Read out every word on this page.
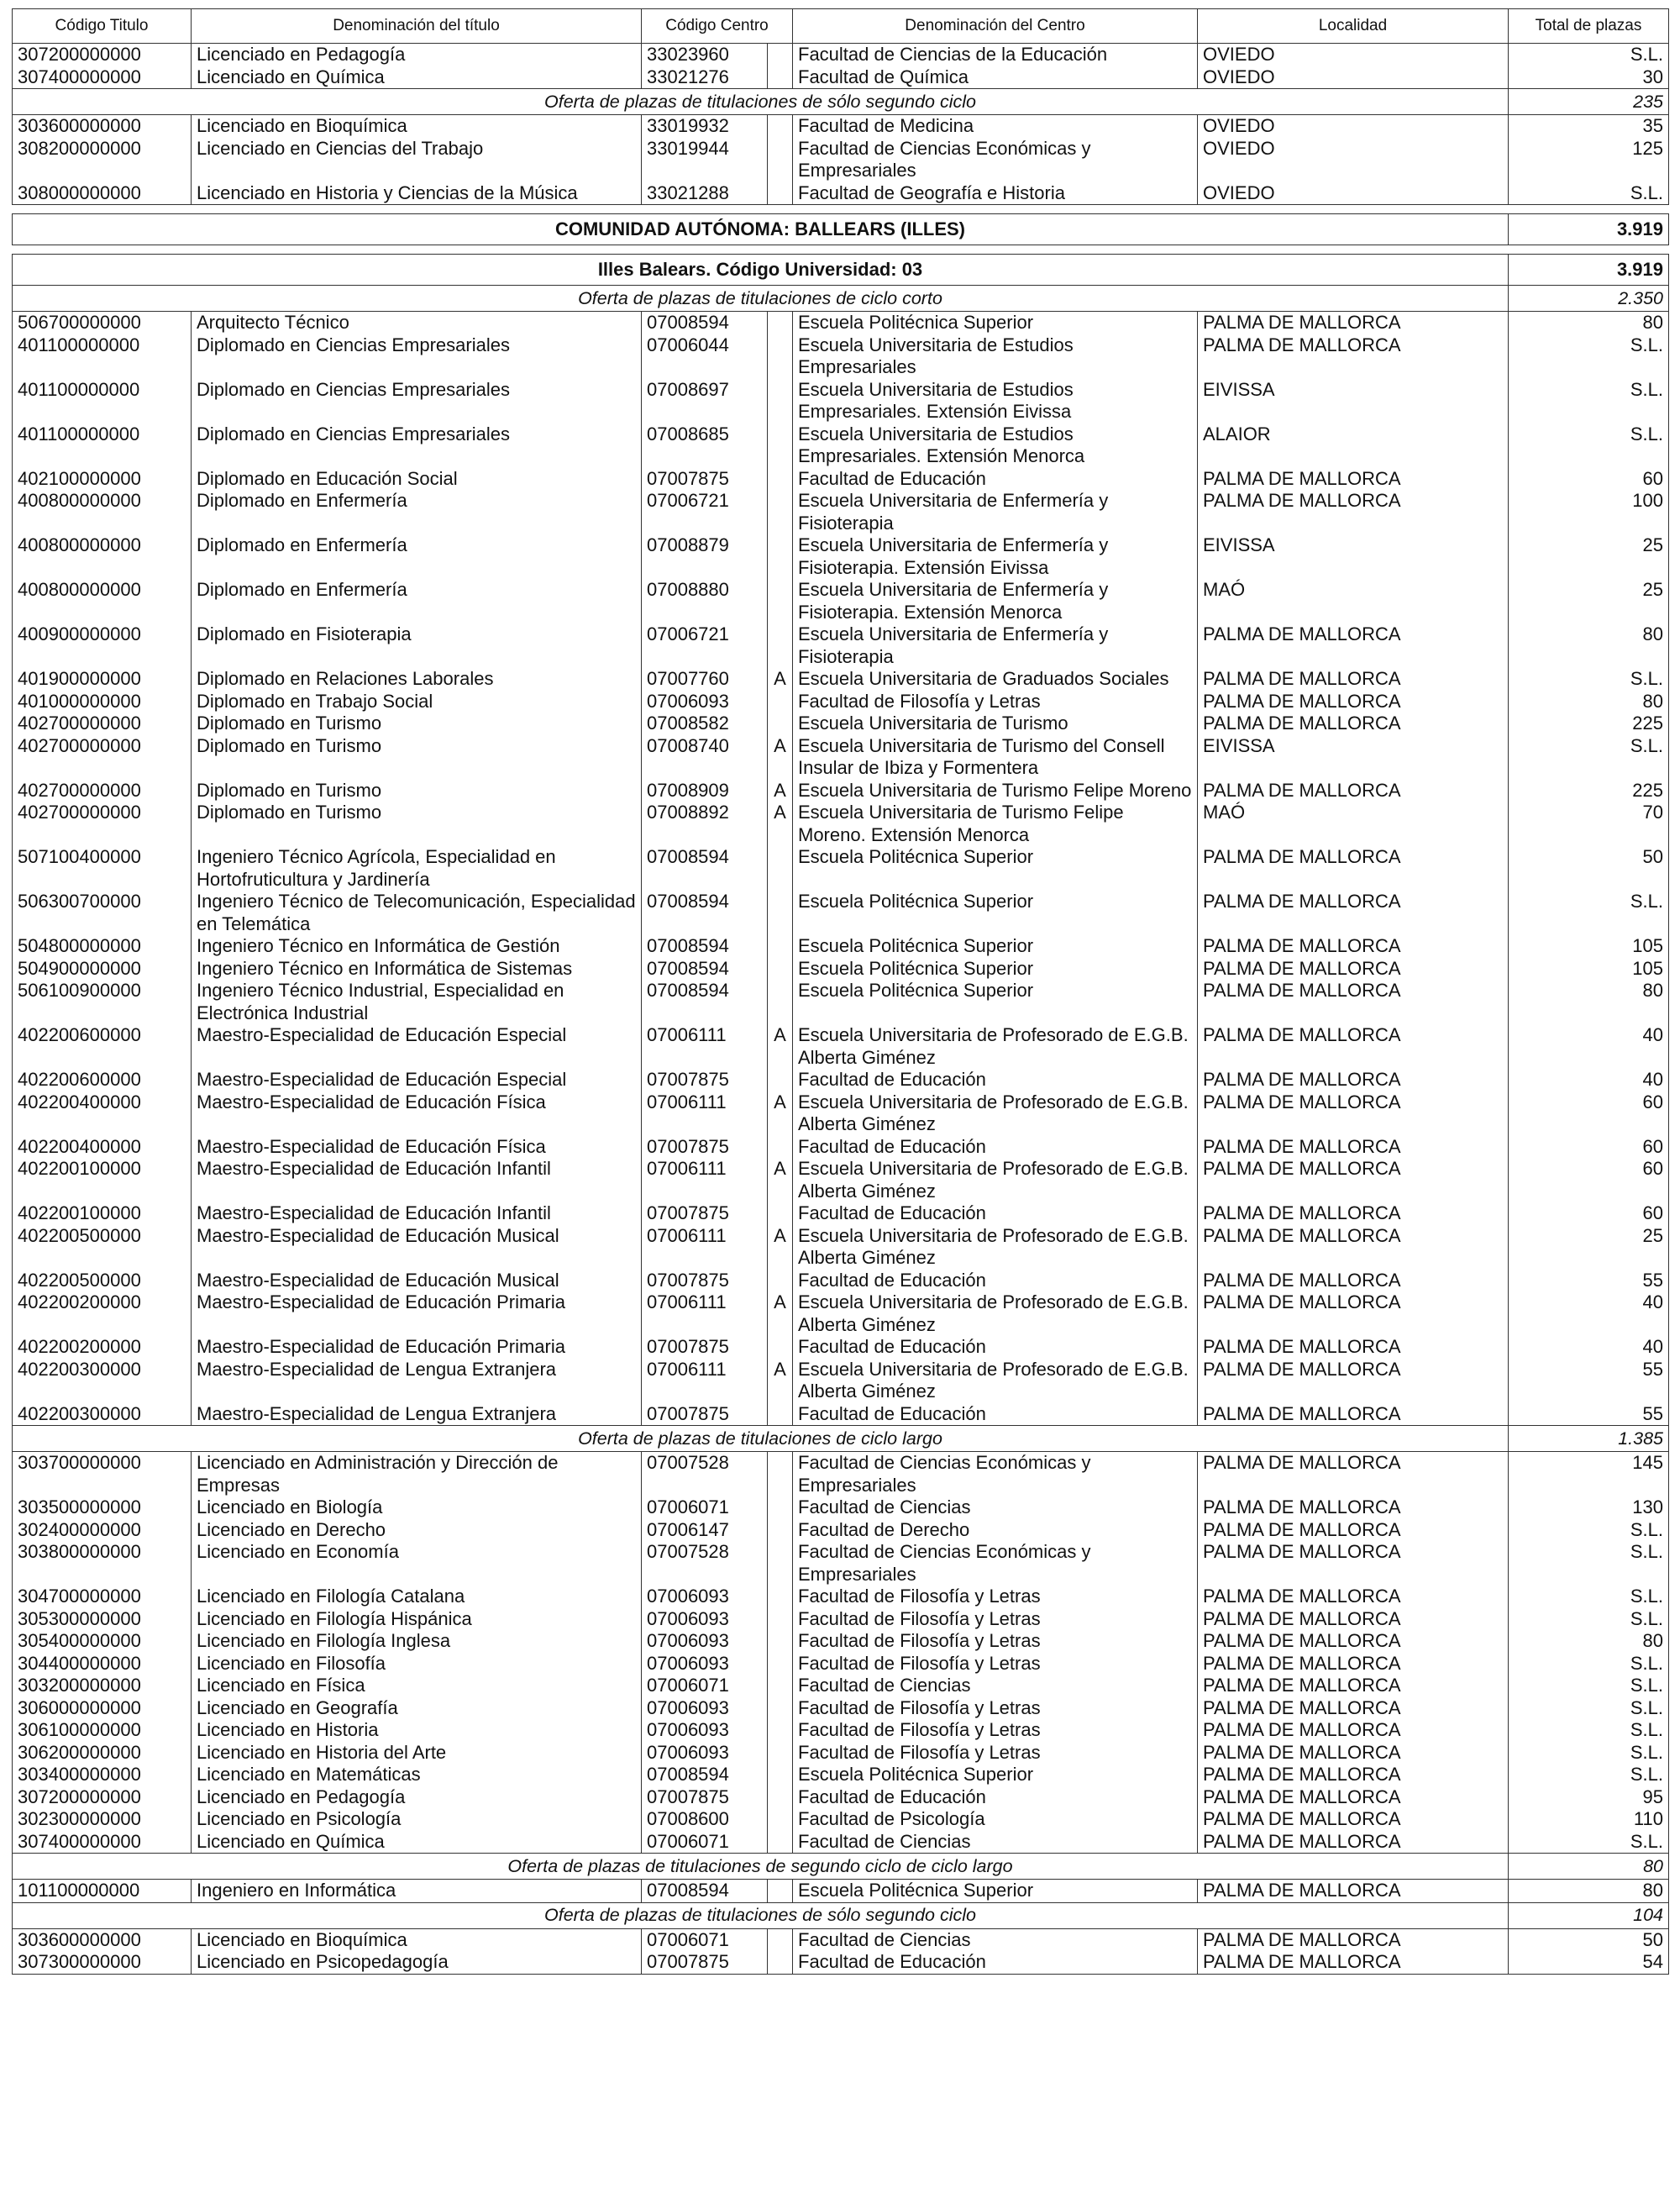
Código Titulo	Denominación del título	Código Centro		Denominación del Centro	Localidad	Total de plazas
307200000000	Licenciado en Pedagogía	33023960		Facultad de Ciencias de la Educación	OVIEDO	S.L.
307400000000	Licenciado en Química	33021276		Facultad de Química	OVIEDO	30
Oferta de plazas de titulaciones de sólo segundo ciclo						235
303600000000	Licenciado en Bioquímica	33019932		Facultad de Medicina	OVIEDO	35
308200000000	Licenciado en Ciencias del Trabajo	33019944		Facultad de Ciencias Económicas y Empresariales	OVIEDO	125
308000000000	Licenciado en Historia y Ciencias de la Música	33021288		Facultad de Geografía e Historia	OVIEDO	S.L.

COMUNIDAD AUTÓNOMA: BALLEARS (ILLES)						3.919

Illes Balears. Código Universidad: 03						3.919
Oferta de plazas de titulaciones de ciclo corto						2.350
506700000000	Arquitecto Técnico	07008594		Escuela Politécnica Superior	PALMA DE MALLORCA	80
401100000000	Diplomado en Ciencias Empresariales	07006044		Escuela Universitaria de Estudios Empresariales	PALMA DE MALLORCA	S.L.
401100000000	Diplomado en Ciencias Empresariales	07008697		Escuela Universitaria de Estudios Empresariales. Extensión Eivissa	EIVISSA	S.L.
401100000000	Diplomado en Ciencias Empresariales	07008685		Escuela Universitaria de Estudios Empresariales. Extensión Menorca	ALAIOR	S.L.
402100000000	Diplomado en Educación Social	07007875		Facultad de Educación	PALMA DE MALLORCA	60
400800000000	Diplomado en Enfermería	07006721		Escuela Universitaria de Enfermería y Fisioterapia	PALMA DE MALLORCA	100
400800000000	Diplomado en Enfermería	07008879		Escuela Universitaria de Enfermería y Fisioterapia. Extensión Eivissa	EIVISSA	25
400800000000	Diplomado en Enfermería	07008880		Escuela Universitaria de Enfermería y Fisioterapia. Extensión Menorca	MAÓ	25
400900000000	Diplomado en Fisioterapia	07006721		Escuela Universitaria de Enfermería y Fisioterapia	PALMA DE MALLORCA	80
401900000000	Diplomado en Relaciones Laborales	07007760	A	Escuela Universitaria de Graduados Sociales	PALMA DE MALLORCA	S.L.
401000000000	Diplomado en Trabajo Social	07006093		Facultad de Filosofía y Letras	PALMA DE MALLORCA	80
402700000000	Diplomado en Turismo	07008582		Escuela Universitaria de Turismo	PALMA DE MALLORCA	225
402700000000	Diplomado en Turismo	07008740	A	Escuela Universitaria de Turismo del Consell Insular de Ibiza y Formentera	EIVISSA	S.L.
402700000000	Diplomado en Turismo	07008909	A	Escuela Universitaria de Turismo Felipe Moreno	PALMA DE MALLORCA	225
402700000000	Diplomado en Turismo	07008892	A	Escuela Universitaria de Turismo Felipe Moreno. Extensión Menorca	MAÓ	70
507100400000	Ingeniero Técnico Agrícola, Especialidad en Hortofruticultura y Jardinería	07008594		Escuela Politécnica Superior	PALMA DE MALLORCA	50
506300700000	Ingeniero Técnico de Telecomunicación, Especialidad en Telemática	07008594		Escuela Politécnica Superior	PALMA DE MALLORCA	S.L.
504800000000	Ingeniero Técnico en Informática de Gestión	07008594		Escuela Politécnica Superior	PALMA DE MALLORCA	105
504900000000	Ingeniero Técnico en Informática de Sistemas	07008594		Escuela Politécnica Superior	PALMA DE MALLORCA	105
506100900000	Ingeniero Técnico Industrial, Especialidad en Electrónica Industrial	07008594		Escuela Politécnica Superior	PALMA DE MALLORCA	80
402200600000	Maestro-Especialidad de Educación Especial	07006111	A	Escuela Universitaria de Profesorado de E.G.B. Alberta Giménez	PALMA DE MALLORCA	40
402200600000	Maestro-Especialidad de Educación Especial	07007875		Facultad de Educación	PALMA DE MALLORCA	40
402200400000	Maestro-Especialidad de Educación Física	07006111	A	Escuela Universitaria de Profesorado de E.G.B. Alberta Giménez	PALMA DE MALLORCA	60
402200400000	Maestro-Especialidad de Educación Física	07007875		Facultad de Educación	PALMA DE MALLORCA	60
402200100000	Maestro-Especialidad de Educación Infantil	07006111	A	Escuela Universitaria de Profesorado de E.G.B. Alberta Giménez	PALMA DE MALLORCA	60
402200100000	Maestro-Especialidad de Educación Infantil	07007875		Facultad de Educación	PALMA DE MALLORCA	60
402200500000	Maestro-Especialidad de Educación Musical	07006111	A	Escuela Universitaria de Profesorado de E.G.B. Alberta Giménez	PALMA DE MALLORCA	25
402200500000	Maestro-Especialidad de Educación Musical	07007875		Facultad de Educación	PALMA DE MALLORCA	55
402200200000	Maestro-Especialidad de Educación Primaria	07006111	A	Escuela Universitaria de Profesorado de E.G.B. Alberta Giménez	PALMA DE MALLORCA	40
402200200000	Maestro-Especialidad de Educación Primaria	07007875		Facultad de Educación	PALMA DE MALLORCA	40
402200300000	Maestro-Especialidad de Lengua Extranjera	07006111	A	Escuela Universitaria de Profesorado de E.G.B. Alberta Giménez	PALMA DE MALLORCA	55
402200300000	Maestro-Especialidad de Lengua Extranjera	07007875		Facultad de Educación	PALMA DE MALLORCA	55
Oferta de plazas de titulaciones de ciclo largo						1.385
303700000000	Licenciado en Administración y Dirección de Empresas	07007528		Facultad de Ciencias Económicas y Empresariales	PALMA DE MALLORCA	145
303500000000	Licenciado en Biología	07006071		Facultad de Ciencias	PALMA DE MALLORCA	130
302400000000	Licenciado en Derecho	07006147		Facultad de Derecho	PALMA DE MALLORCA	S.L.
303800000000	Licenciado en Economía	07007528		Facultad de Ciencias Económicas y Empresariales	PALMA DE MALLORCA	S.L.
304700000000	Licenciado en Filología Catalana	07006093		Facultad de Filosofía y Letras	PALMA DE MALLORCA	S.L.
305300000000	Licenciado en Filología Hispánica	07006093		Facultad de Filosofía y Letras	PALMA DE MALLORCA	S.L.
305400000000	Licenciado en Filología Inglesa	07006093		Facultad de Filosofía y Letras	PALMA DE MALLORCA	80
304400000000	Licenciado en Filosofía	07006093		Facultad de Filosofía y Letras	PALMA DE MALLORCA	S.L.
303200000000	Licenciado en Física	07006071		Facultad de Ciencias	PALMA DE MALLORCA	S.L.
306000000000	Licenciado en Geografía	07006093		Facultad de Filosofía y Letras	PALMA DE MALLORCA	S.L.
306100000000	Licenciado en Historia	07006093		Facultad de Filosofía y Letras	PALMA DE MALLORCA	S.L.
306200000000	Licenciado en Historia del Arte	07006093		Facultad de Filosofía y Letras	PALMA DE MALLORCA	S.L.
303400000000	Licenciado en Matemáticas	07008594		Escuela Politécnica Superior	PALMA DE MALLORCA	S.L.
307200000000	Licenciado en Pedagogía	07007875		Facultad de Educación	PALMA DE MALLORCA	95
302300000000	Licenciado en Psicología	07008600		Facultad de Psicología	PALMA DE MALLORCA	110
307400000000	Licenciado en Química	07006071		Facultad de Ciencias	PALMA DE MALLORCA	S.L.
Oferta de plazas de titulaciones de segundo ciclo de ciclo largo						80
101100000000	Ingeniero en Informática	07008594		Escuela Politécnica Superior	PALMA DE MALLORCA	80
Oferta de plazas de titulaciones de sólo segundo ciclo						104
303600000000	Licenciado en Bioquímica	07006071		Facultad de Ciencias	PALMA DE MALLORCA	50
307300000000	Licenciado en Psicopedagogía	07007875		Facultad de Educación	PALMA DE MALLORCA	54
